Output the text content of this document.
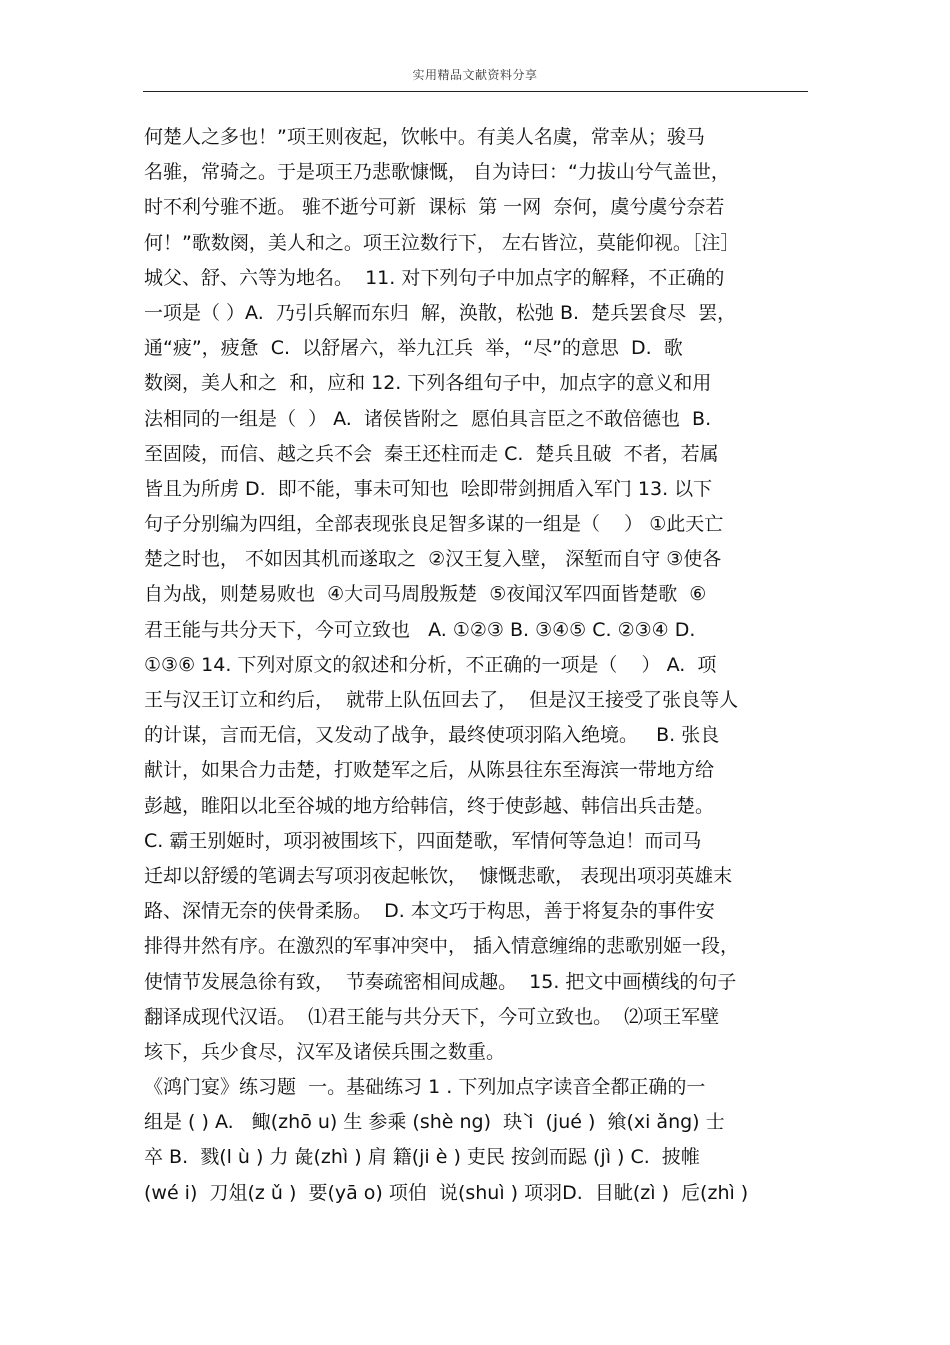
实用精品文献资料分享
何楚人之多也！”项王则夜起，饮帐中。有美人名虞，常幸从；骏马
名骓，常骑之。于是项王乃悲歌慷慨， 自为诗曰：“力拔山兮气盖世，
时不利兮骓不逝。 骓不逝兮可新  课标  第 一网  奈何，虞兮虞兮奈若
何！”歌数阕，美人和之。项王泣数行下， 左右皆泣，莫能仰视。［注］
城父、舒、六等为地名。  11. 对下列句子中加点字的解释，不正确的
一项是（ ）A.  乃引兵解而东归  解，涣散，松弛 B.  楚兵罢食尽  罢，
通“疲”，疲惫  C.  以舒屠六，举九江兵  举，“尽”的意思  D.  歌
数阕，美人和之  和，应和 12. 下列各组句子中，加点字的意义和用
法相同的一组是（  ） A.  诸侯皆附之  愿伯具言臣之不敢倍德也  B.
至固陵，而信、越之兵不会  秦王还柱而走 C.  楚兵且破  不者，若属
皆且为所虏 D.  即不能，事未可知也  哙即带剑拥盾入军门 13. 以下
句子分别编为四组，全部表现张良足智多谋的一组是（    ） ①此天亡
楚之时也， 不如因其机而遂取之  ②汉王复入壁， 深堑而自守 ③使各
自为战，则楚易败也  ④大司马周殷叛楚  ⑤夜闻汉军四面皆楚歌  ⑥
君王能与共分天下，今可立致也   A. ①②③ B. ③④⑤ C. ②③④ D.
①③⑥ 14. 下列对原文的叙述和分析，不正确的一项是（    ） A.  项
王与汉王订立和约后，  就带上队伍回去了，  但是汉王接受了张良等人
的计谋，言而无信，又发动了战争，最终使项羽陷入绝境。   B. 张良
献计，如果合力击楚，打败楚军之后，从陈县往东至海滨一带地方给
彭越，睢阳以北至谷城的地方给韩信，终于使彭越、韩信出兵击楚。
C. 霸王别姬时，项羽被围垓下，四面楚歌，军情何等急迫！而司马
迁却以舒缓的笔调去写项羽夜起帐饮，  慷慨悲歌， 表现出项羽英雄末
路、深情无奈的侠骨柔肠。  D. 本文巧于构思，善于将复杂的事件安
排得井然有序。在激烈的军事冲突中， 插入情意缠绵的悲歌别姬一段，
使情节发展急徐有致，  节奏疏密相间成趣。  15. 把文中画横线的句子
翻译成现代汉语。  ⑴君王能与共分天下，今可立致也。  ⑵项王军壁
垓下，兵少食尽，汉军及诸侯兵围之数重。
《鸿门宴》练习题  一。基础练习 1 . 下列加点字读音全都正确的一
组是 ( ) A.   鲰(zhō u) 生 参乘 (shè ng)  玦̀ i  (jué )  飨(xi ǎng) 士
卒 B.  戮(l ù ) 力 彘(zhì ) 肩 籍(ji è ) 吏民 按剑而跽 (jì ) C.  披帷
(wé i)  刀俎(z ǔ )  要(yā o) 项伯  说(shuì ) 项羽D.  目眦(zì )  卮(zhì )
